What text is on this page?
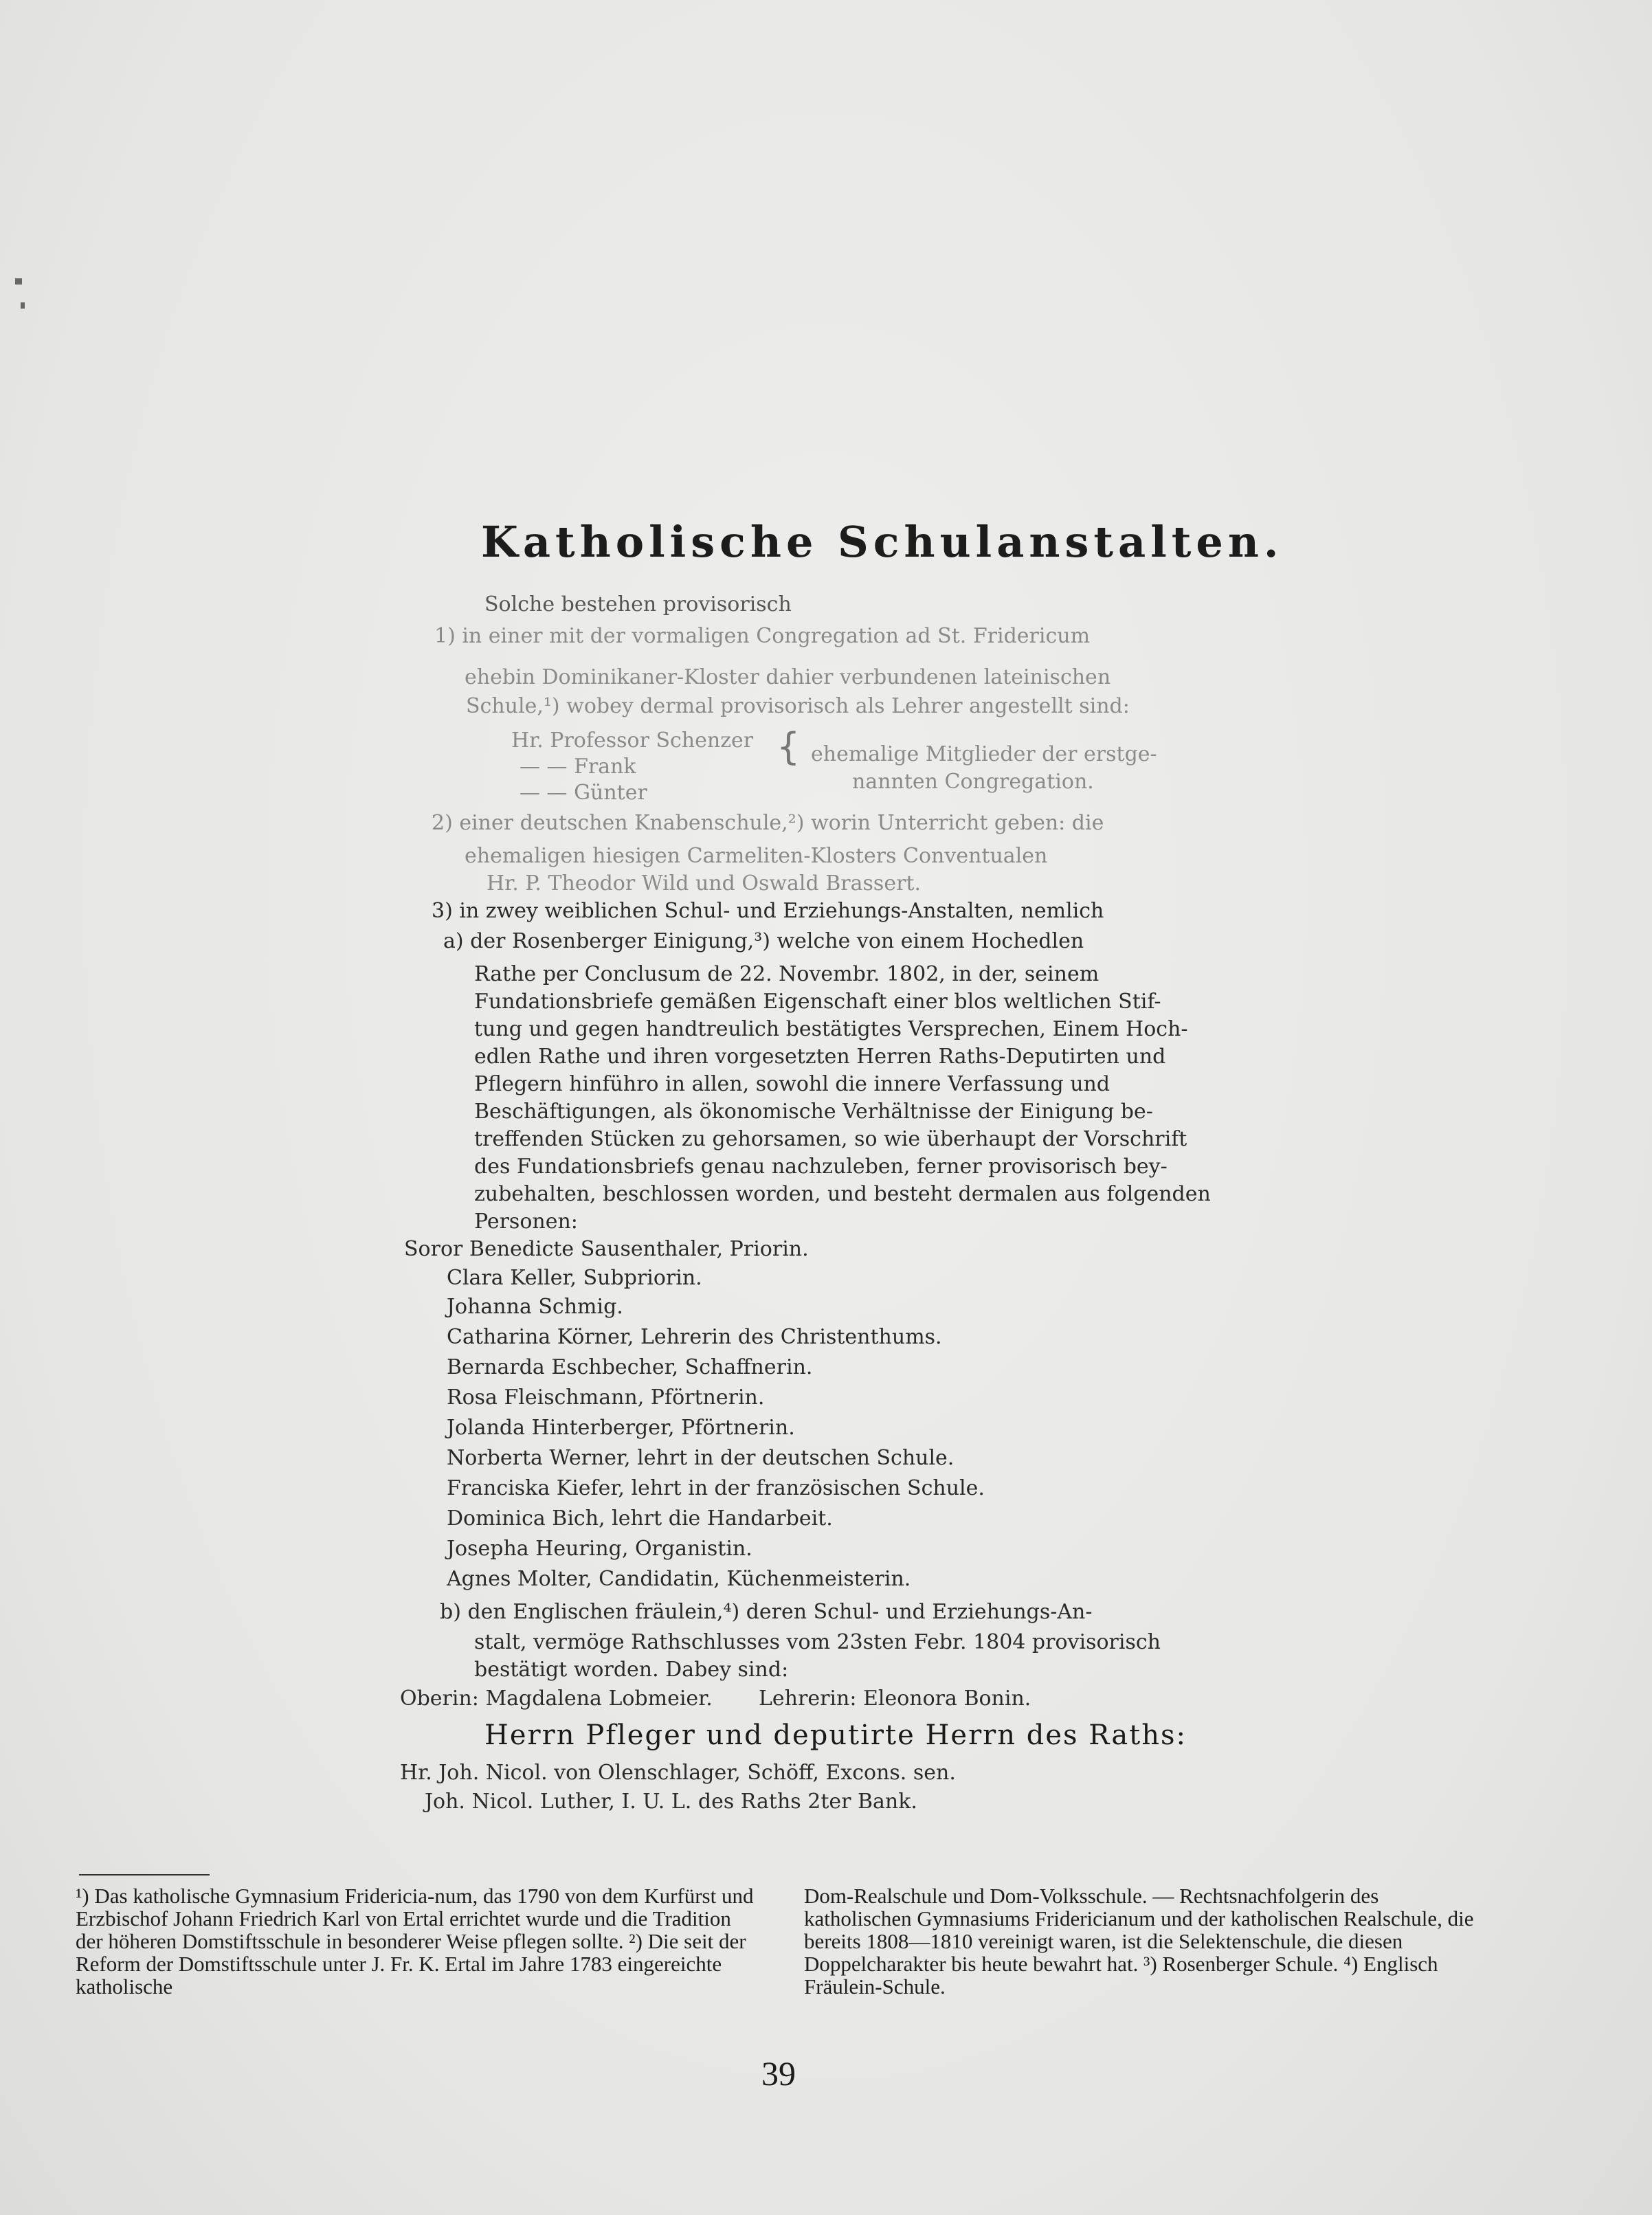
Katholische Schulanstalten.
Solche bestehen provisorisch
1) in einer mit der vormaligen Congregation ad St. Fridericum
ehebin Dominikaner-Kloster dahier verbundenen lateinischen
Schule,¹) wobey dermal provisorisch als Lehrer angestellt sind:
Hr. Professor Schenzer
— — Frank
— — Günter
ehemalige Mitglieder der erstge-
nannten Congregation.
2) einer deutschen Knabenschule,²) worin Unterricht geben: die
ehemaligen hiesigen Carmeliten-Klosters Conventualen
Hr. P. Theodor Wild und Oswald Brassert.
3) in zwey weiblichen Schul- und Erziehungs-Anstalten, nemlich
a) der Rosenberger Einigung,³) welche von einem Hochedlen
Rathe per Conclusum de 22. Novembr. 1802, in der, seinem
Fundationsbriefe gemäßen Eigenschaft einer blos weltlichen Stif-
tung und gegen handtreulich bestätigtes Versprechen, Einem Hoch-
edlen Rathe und ihren vorgesetzten Herren Raths-Deputirten und
Pflegern hinführo in allen, sowohl die innere Verfassung und
Beschäftigungen, als ökonomische Verhältnisse der Einigung be-
treffenden Stücken zu gehorsamen, so wie überhaupt der Vorschrift
des Fundationsbriefs genau nachzuleben, ferner provisorisch bey-
zubehalten, beschlossen worden, und besteht dermalen aus folgenden
Personen:
Soror Benedicte Sausenthaler, Priorin.
Clara Keller, Subpriorin.
Johanna Schmig.
Catharina Körner, Lehrerin des Christenthums.
Bernarda Eschbecher, Schaffnerin.
Rosa Fleischmann, Pförtnerin.
Jolanda Hinterberger, Pförtnerin.
Norberta Werner, lehrt in der deutschen Schule.
Franciska Kiefer, lehrt in der französischen Schule.
Dominica Bich, lehrt die Handarbeit.
Josepha Heuring, Organistin.
Agnes Molter, Candidatin, Küchenmeisterin.
b) den Englischen fräulein,⁴) deren Schul- und Erziehungs-An-
stalt, vermöge Rathschlusses vom 23sten Febr. 1804 provisorisch
bestätigt worden. Dabey sind:
Oberin: Magdalena Lobmeier. Lehrerin: Eleonora Bonin.
Hr. Joh. Nicol. von Olenschlager, Schöff, Excons. sen.
Joh. Nicol. Luther, I. U. L. des Raths 2ter Bank.
{
Herrn Pfleger und deputirte Herrn des Raths:
¹) Das katholische Gymnasium Fridericia-num, das 1790 von dem Kurfürst und Erzbischof Johann Friedrich Karl von Ertal errichtet wurde und die Tradition der höheren Domstiftsschule in besonderer Weise pflegen sollte. ²) Die seit der Reform der Domstiftsschule unter J. Fr. K. Ertal im Jahre 1783 eingereichte katholische
Dom-Realschule und Dom-Volksschule. — Rechtsnachfolgerin des katholischen Gymnasiums Fridericianum und der katholischen Realschule, die bereits 1808—1810 vereinigt waren, ist die Selektenschule, die diesen Doppelcharakter bis heute bewahrt hat. ³) Rosenberger Schule. ⁴) Englisch Fräulein-Schule.
39
